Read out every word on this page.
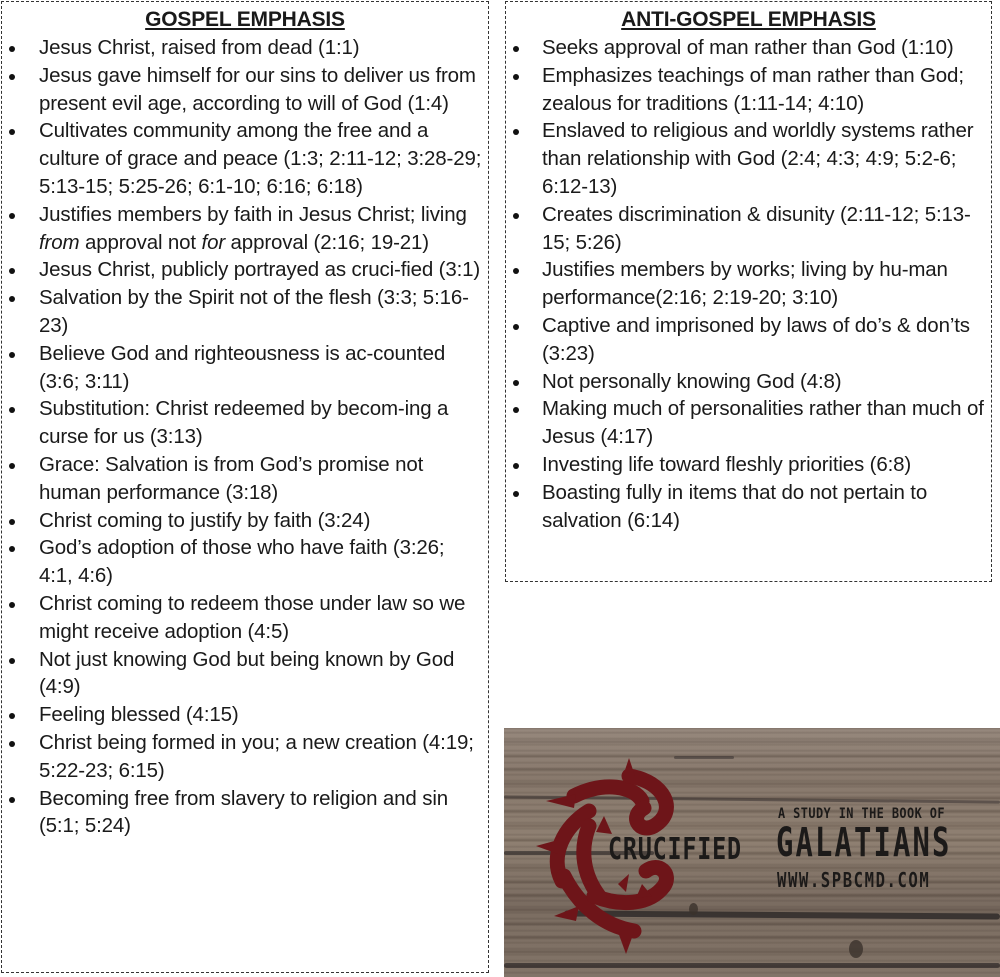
GOSPEL EMPHASIS
Jesus Christ, raised from dead (1:1)
Jesus gave himself for our sins to deliver us from present evil age, according to will of God (1:4)
Cultivates community among the free and a culture of grace and peace (1:3; 2:11-12; 3:28-29; 5:13-15; 5:25-26; 6:1-10; 6:16; 6:18)
Justifies members by faith in Jesus Christ; living from approval not for approval (2:16; 19-21)
Jesus Christ, publicly portrayed as cruci-fied (3:1)
Salvation by the Spirit not of the flesh (3:3; 5:16-23)
Believe God and righteousness is ac-counted (3:6; 3:11)
Substitution: Christ redeemed by becom-ing a curse for us (3:13)
Grace: Salvation is from God’s promise not human performance (3:18)
Christ coming to justify by faith (3:24)
God’s adoption of those who have faith (3:26; 4:1, 4:6)
Christ coming to redeem those under law so we might receive adoption (4:5)
Not just knowing God but being known by God (4:9)
Feeling blessed (4:15)
Christ being formed in you; a new creation (4:19; 5:22-23; 6:15)
Becoming free from slavery to religion and sin (5:1; 5:24)
ANTI-GOSPEL EMPHASIS
Seeks approval of man rather than God (1:10)
Emphasizes teachings of man rather than God; zealous for traditions (1:11-14; 4:10)
Enslaved to religious and worldly systems rather than relationship with God (2:4; 4:3; 4:9; 5:2-6; 6:12-13)
Creates discrimination & disunity (2:11-12; 5:13-15; 5:26)
Justifies members by works; living by hu-man performance(2:16; 2:19-20; 3:10)
Captive and imprisoned by laws of do’s & don’ts (3:23)
Not personally knowing God (4:8)
Making much of personalities rather than much of Jesus (4:17)
Investing life toward fleshly priorities (6:8)
Boasting fully in items that do not pertain to salvation (6:14)
CRUCIFIED
A STUDY IN THE BOOK OF
GALATIANS
WWW.SPBCMD.COM
